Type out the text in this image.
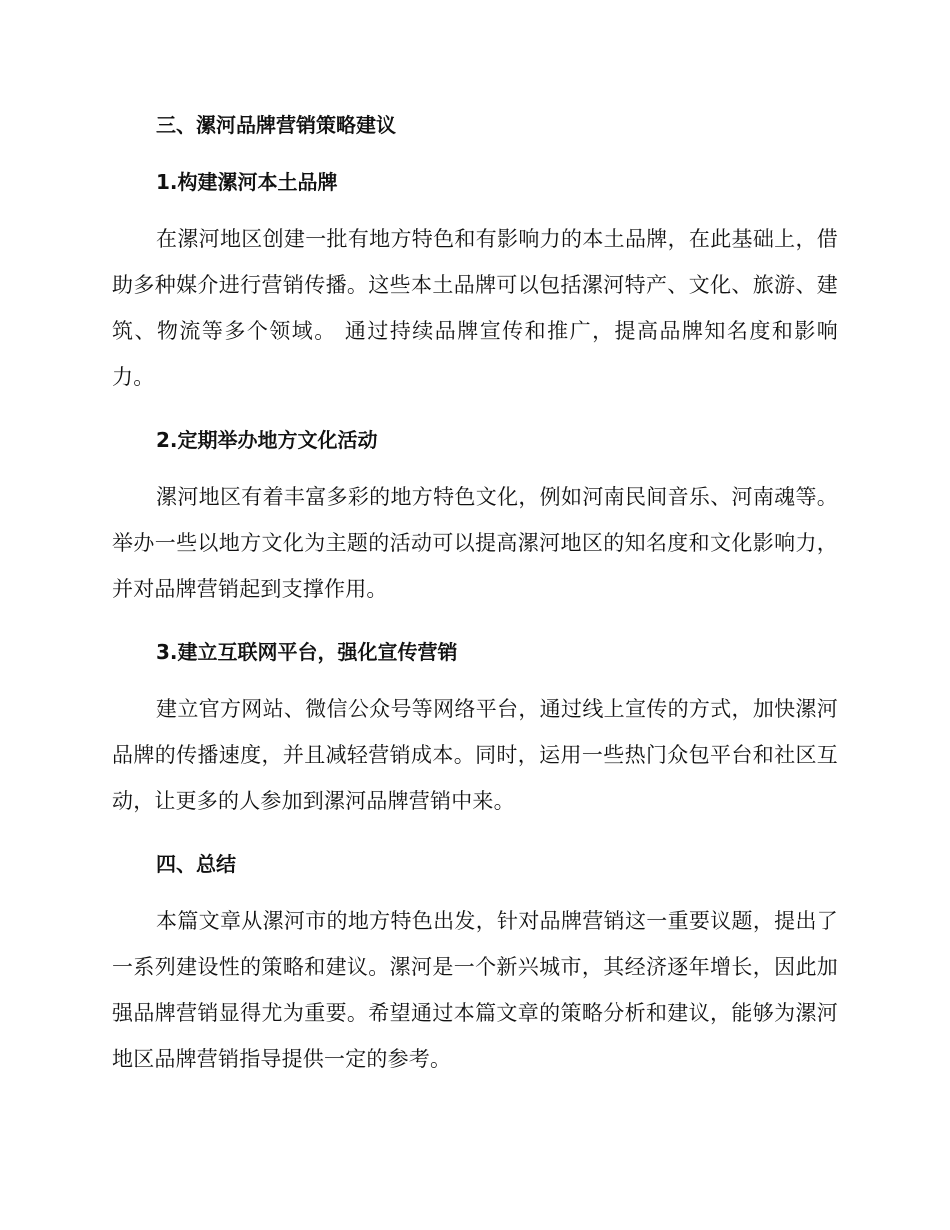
三、漯河品牌营销策略建议
1.构建漯河本土品牌

在漯河地区创建一批有地方特色和有影响力的本土品牌，在此基础上，借助多种媒介进行营销传播。这些本土品牌可以包括漯河特产、文化、旅游、建筑、物流等多个领域。 通过持续品牌宣传和推广，提高品牌知名度和影响力。

2.定期举办地方文化活动

漯河地区有着丰富多彩的地方特色文化，例如河南民间音乐、河南魂等。举办一些以地方文化为主题的活动可以提高漯河地区的知名度和文化影响力，并对品牌营销起到支撑作用。

3.建立互联网平台，强化宣传营销

建立官方网站、微信公众号等网络平台，通过线上宣传的方式，加快漯河品牌的传播速度，并且减轻营销成本。同时，运用一些热门众包平台和社区互动，让更多的人参加到漯河品牌营销中来。

四、总结

本篇文章从漯河市的地方特色出发，针对品牌营销这一重要议题，提出了一系列建设性的策略和建议。漯河是一个新兴城市，其经济逐年增长，因此加强品牌营销显得尤为重要。希望通过本篇文章的策略分析和建议，能够为漯河地区品牌营销指导提供一定的参考。
